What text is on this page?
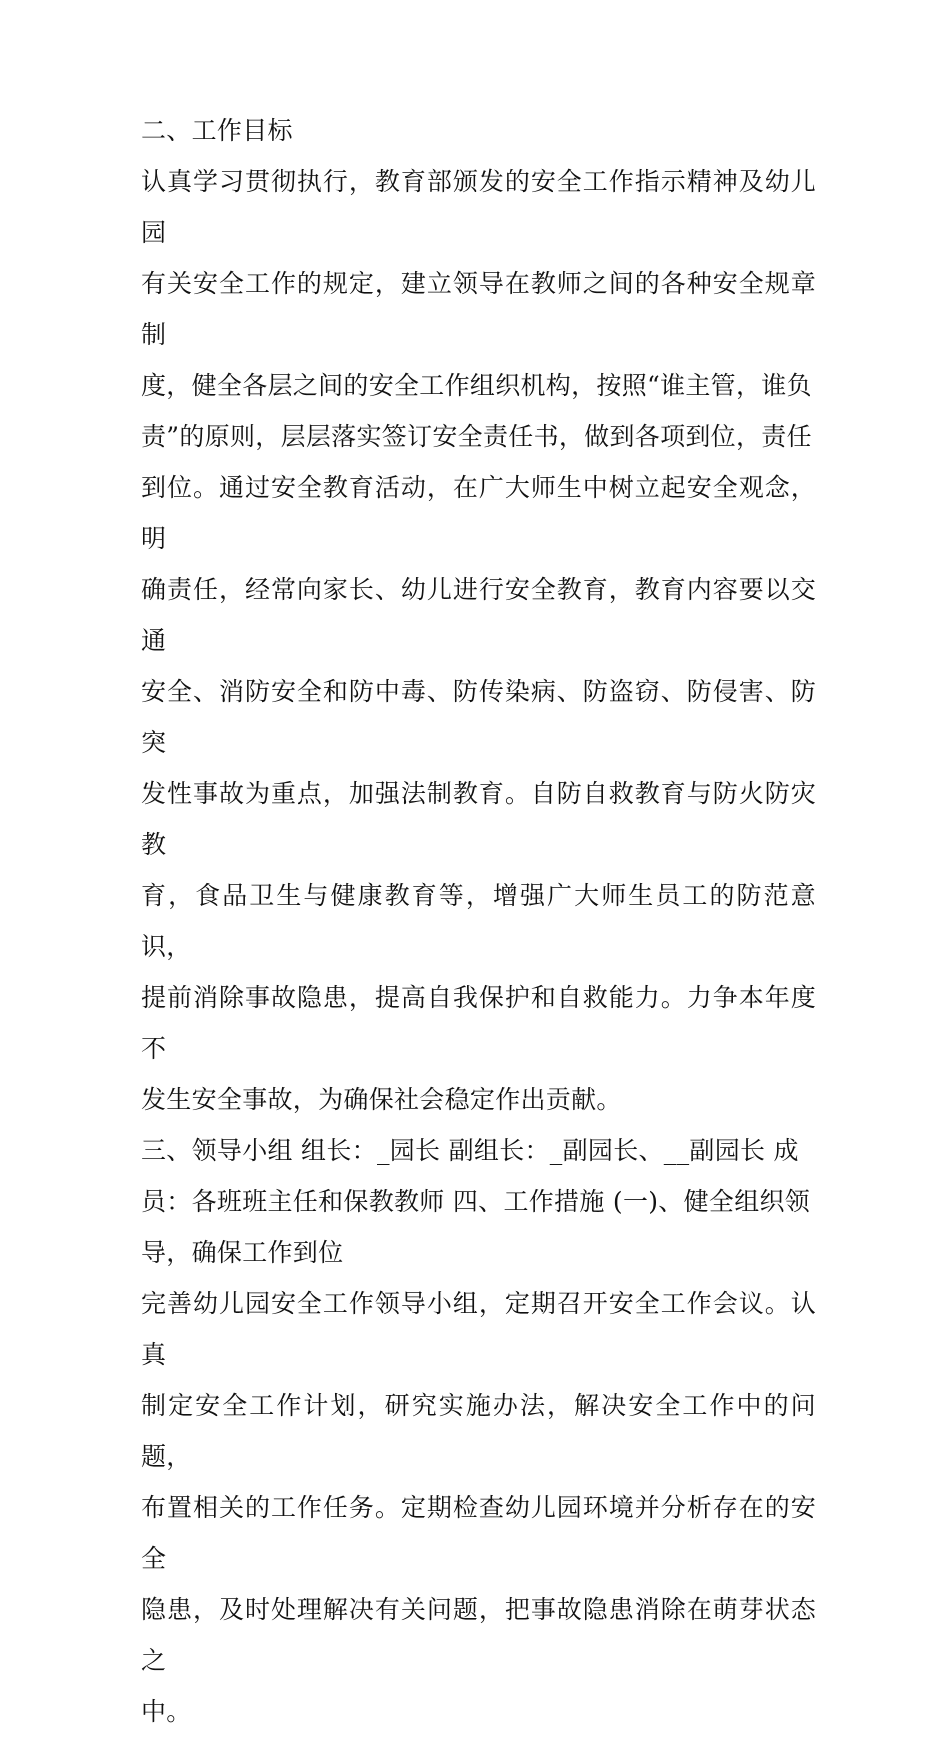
二、工作目标

认真学习贯彻执行，教育部颁发的安全工作指示精神及幼儿园
有关安全工作的规定，建立领导在教师之间的各种安全规章制
度，健全各层之间的安全工作组织机构，按照“谁主管，谁负
责”的原则，层层落实签订安全责任书，做到各项到位，责任
到位。通过安全教育活动，在广大师生中树立起安全观念，明
确责任，经常向家长、幼儿进行安全教育，教育内容要以交通
安全、消防安全和防中毒、防传染病、防盗窃、防侵害、防突
发性事故为重点，加强法制教育。自防自救教育与防火防灾教
育，食品卫生与健康教育等，增强广大师生员工的防范意识，
提前消除事故隐患，提高自我保护和自救能力。力争本年度不
发生安全事故，为确保社会稳定作出贡献。

三、领导小组 组长：_园长 副组长：_副园长、__副园长 成
员：各班班主任和保教教师 四、工作措施 (一)、健全组织领
导，确保工作到位

完善幼儿园安全工作领导小组，定期召开安全工作会议。认真
制定安全工作计划，研究实施办法，解决安全工作中的问题，
布置相关的工作任务。定期检查幼儿园环境并分析存在的安全
隐患，及时处理解决有关问题，把事故隐患消除在萌芽状态之
中。
